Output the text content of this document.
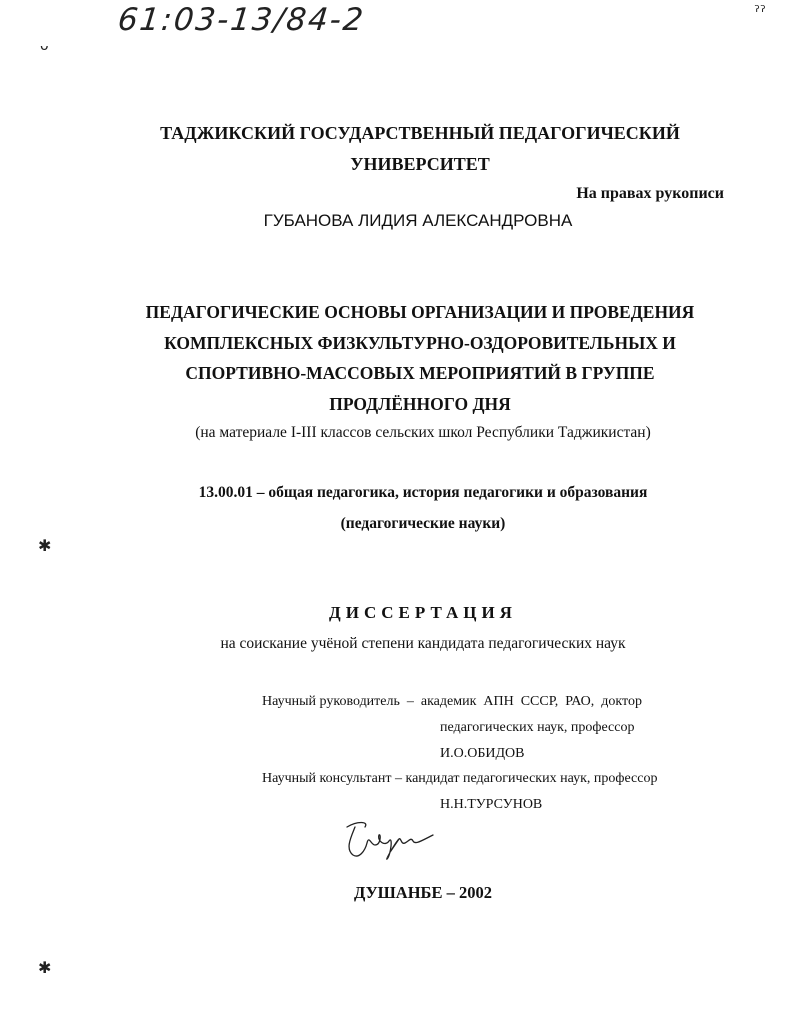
61:03-13/84-2	ˀˀ
ᴗ
✱
✱
ТАДЖИКСКИЙ ГОСУДАРСТВЕННЫЙ ПЕДАГОГИЧЕСКИЙ УНИВЕРСИТЕТ
На правах рукописи
ГУБАНОВА ЛИДИЯ АЛЕКСАНДРОВНА
ПЕДАГОГИЧЕСКИЕ ОСНОВЫ ОРГАНИЗАЦИИ И ПРОВЕДЕНИЯ
КОМПЛЕКСНЫХ ФИЗКУЛЬТУРНО-ОЗДОРОВИТЕЛЬНЫХ И
СПОРТИВНО-МАССОВЫХ МЕРОПРИЯТИЙ В ГРУППЕ
ПРОДЛЁННОГО ДНЯ
(на материале I-III классов сельских школ Республики Таджикистан)
13.00.01 – общая педагогика, история педагогики и образования
(педагогические науки)
ДИССЕРТАЦИЯ
на соискание учёной степени кандидата педагогических наук
Научный руководитель  –  академик  АПН  СССР,  РАО,  доктор
педагогических наук, профессор
И.О.ОБИДОВ
Научный консультант – кандидат педагогических наук, профессор
Н.Н.ТУРСУНОВ
ДУШАНБЕ – 2002
